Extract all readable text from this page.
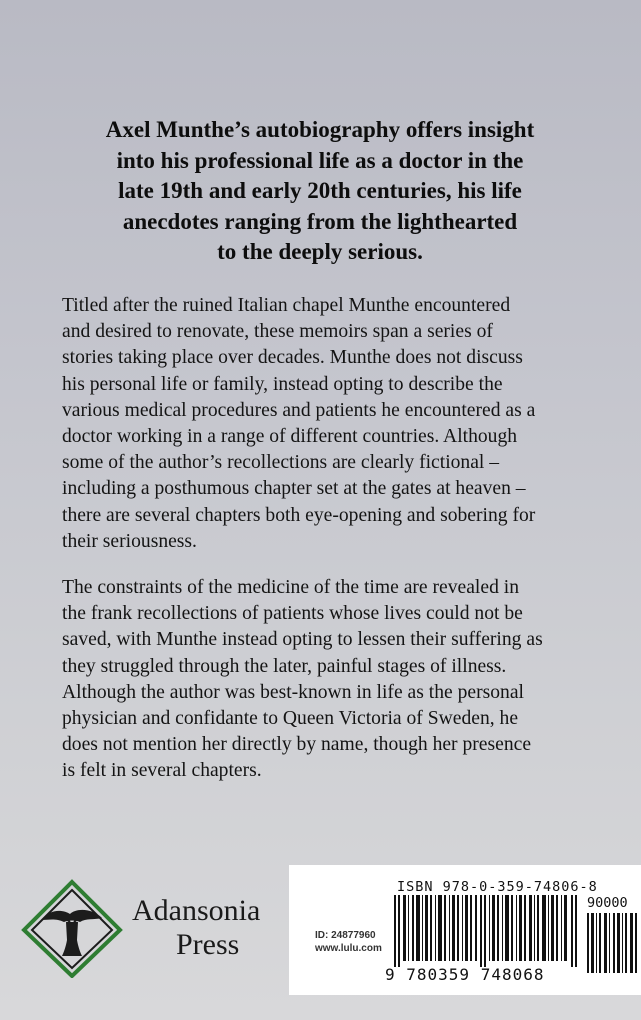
Axel Munthe’s autobiography offers insight
into his professional life as a doctor in the
late 19th and early 20th centuries, his life
anecdotes ranging from the lighthearted
to the deeply serious.
Titled after the ruined Italian chapel Munthe encountered
and desired to renovate, these memoirs span a series of
stories taking place over decades. Munthe does not discuss
his personal life or family, instead opting to describe the
various medical procedures and patients he encountered as a
doctor working in a range of different countries. Although
some of the author’s recollections are clearly fictional –
including a posthumous chapter set at the gates at heaven –
there are several chapters both eye-opening and sobering for
their seriousness.
The constraints of the medicine of the time are revealed in
the frank recollections of patients whose lives could not be
saved, with Munthe instead opting to lessen their suffering as
they struggled through the later, painful stages of illness.
Although the author was best-known in life as the personal
physician and confidante to Queen Victoria of Sweden, he
does not mention her directly by name, though her presence
is felt in several chapters.
Adansonia
Press
ISBN 978-0-359-74806-8
90000
ID: 24877960
www.lulu.com
9 780359 748068
